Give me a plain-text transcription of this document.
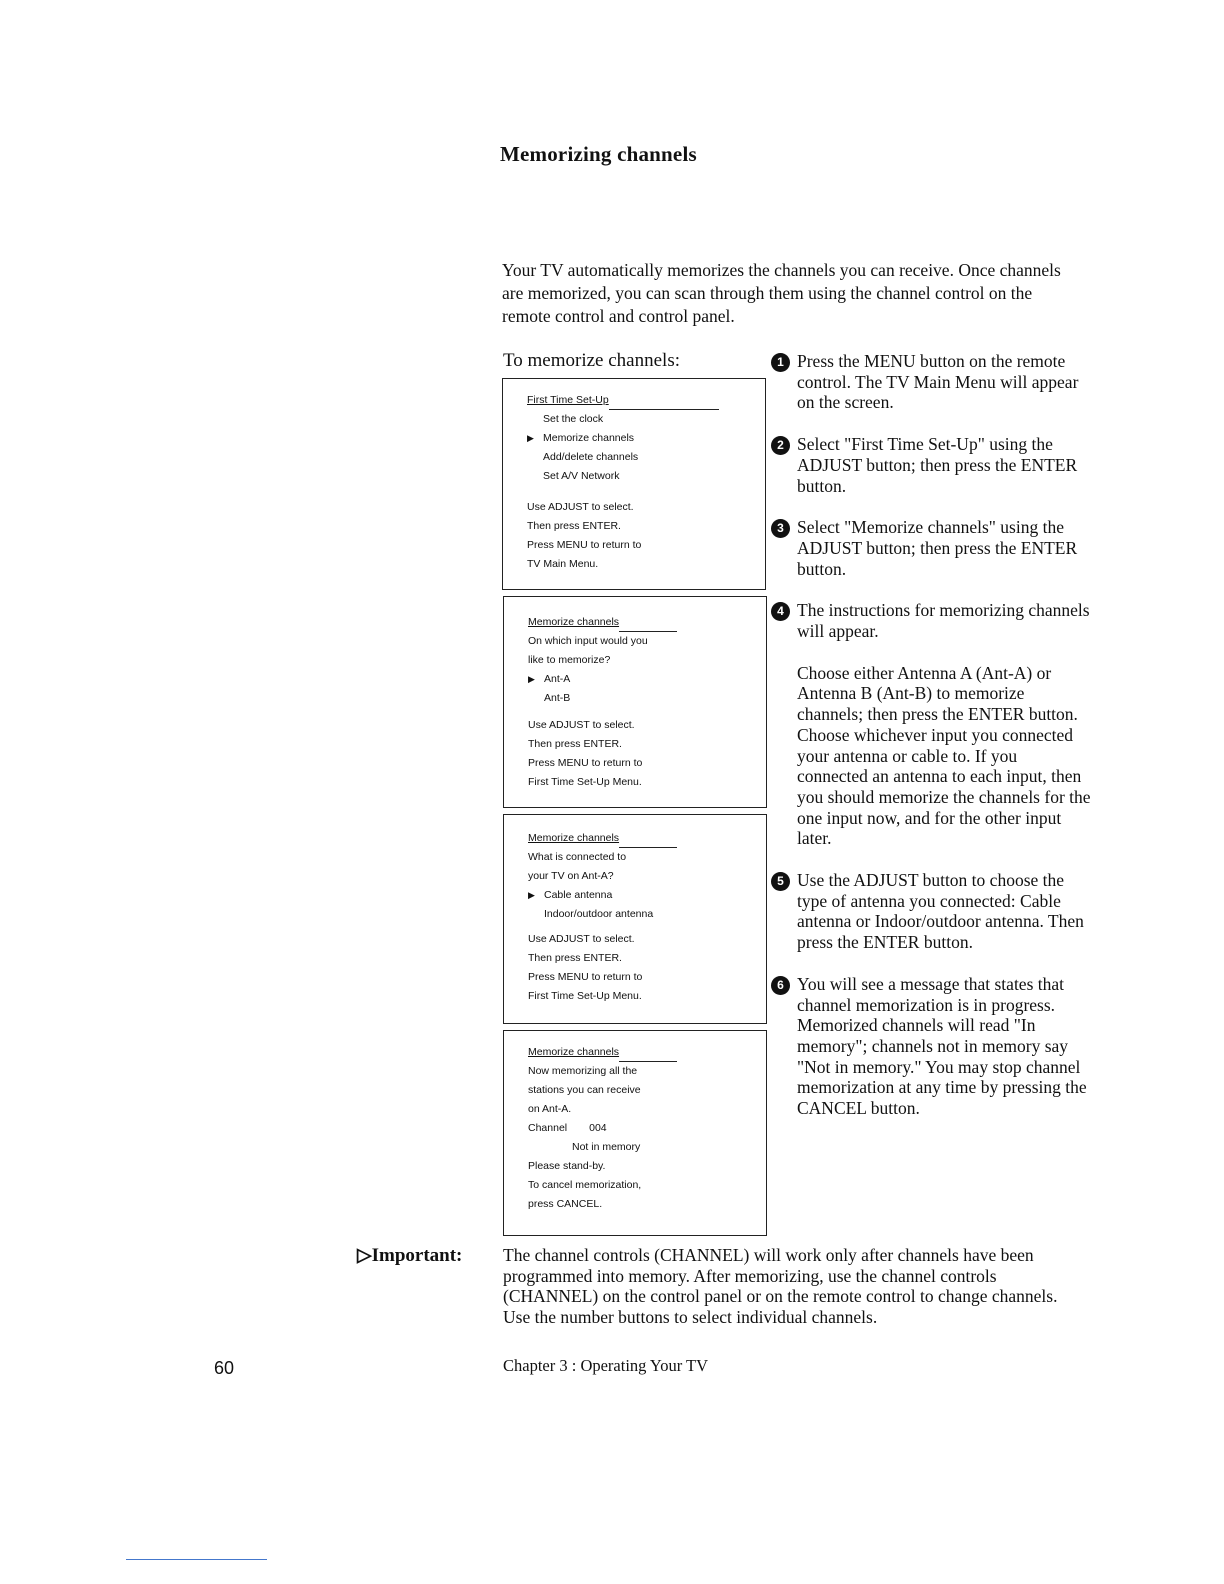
Memorizing channels

Your TV automatically memorizes the channels you can receive. Once channels are memorized, you can scan through them using the channel control on the remote control and control panel.

To memorize channels:

First Time Set-Up
Set the clock
▶ Memorize channels
Add/delete channels
Set A/V Network
Use ADJUST to select.
Then press ENTER.
Press MENU to return to
TV Main Menu.
Memorize channels
On which input would you
like to memorize?
▶ Ant-A
Ant-B
Use ADJUST to select.
Then press ENTER.
Press MENU to return to
First Time Set-Up Menu.
Memorize channels
What is connected to
your TV on Ant-A?
▶ Cable antenna
Indoor/outdoor antenna
Use ADJUST to select.
Then press ENTER.
Press MENU to return to
First Time Set-Up Menu.
Memorize channels
Now memorizing all the
stations you can receive
on Ant-A.
Channel 004
Not in memory
Please stand-by.
To cancel memorization,
press CANCEL.
1 Press the MENU button on the remote control. The TV Main Menu will appear on the screen.

2 Select "First Time Set-Up" using the ADJUST button; then press the ENTER button.

3 Select "Memorize channels" using the ADJUST button; then press the ENTER button.

4 The instructions for memorizing channels will appear.

Choose either Antenna A (Ant-A) or Antenna B (Ant-B) to memorize channels; then press the ENTER button. Choose whichever input you connected your antenna or cable to. If you connected an antenna to each input, then you should memorize the channels for the one input now, and for the other input later.

5 Use the ADJUST button to choose the type of antenna you connected: Cable antenna or Indoor/outdoor antenna. Then press the ENTER button.

6 You will see a message that states that channel memorization is in progress. Memorized channels will read "In memory"; channels not in memory say "Not in memory." You may stop channel memorization at any time by pressing the CANCEL button.

▷Important: The channel controls (CHANNEL) will work only after channels have been programmed into memory. After memorizing, use the channel controls (CHANNEL) on the control panel or on the remote control to change channels. Use the number buttons to select individual channels.

60	Chapter 3 : Operating Your TV
